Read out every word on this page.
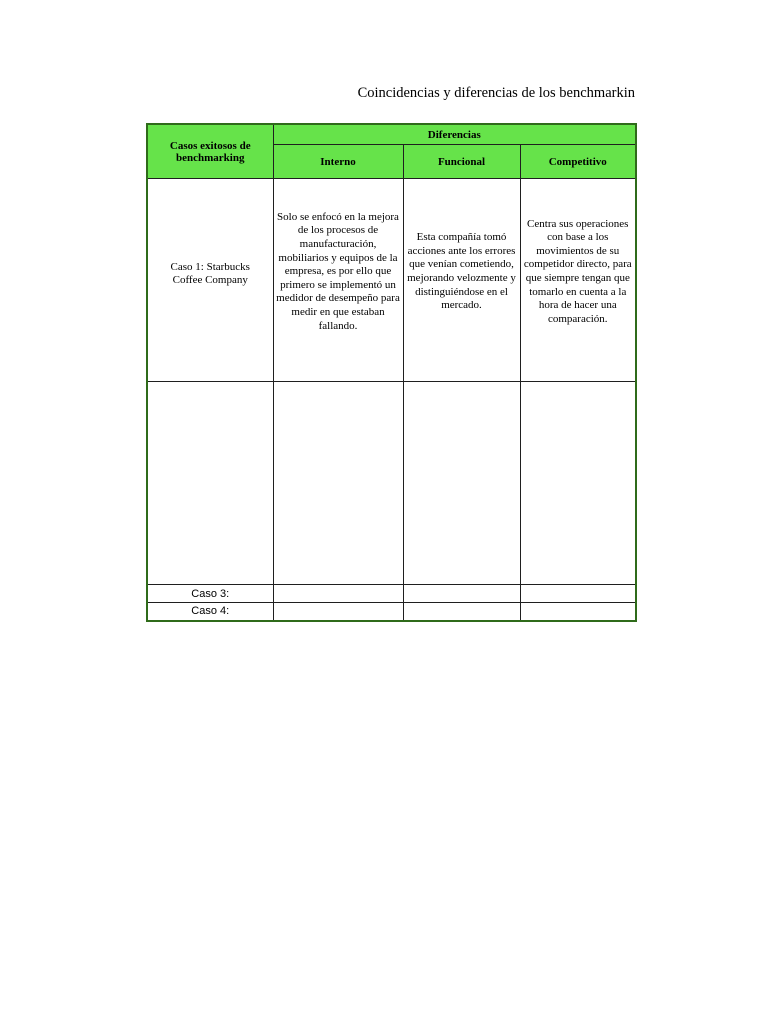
Coincidencias y diferencias de los benchmarkin
Casos exitosos de benchmarking	Diferencias		
	Interno	Funcional	Competitivo

Caso 1: Starbucks Coffee Company	Solo se enfocó en la mejora de los procesos de manufacturación, mobiliarios y equipos de la empresa, es por ello que primero se implementó un medidor de desempeño para medir en que estaban fallando.	Esta compañía tomó acciones ante los errores que venían cometiendo, mejorando velozmente y distinguiéndose en el mercado.	Centra sus operaciones con base a los movimientos de su competidor directo, para que siempre tengan que tomarlo en cuenta a la hora de hacer una comparación.

Caso 3:			
Caso 4:			
